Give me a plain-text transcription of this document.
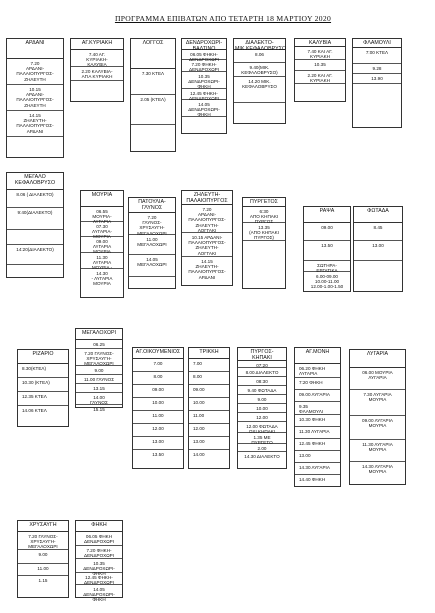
ΠΡΟΓΡΑΜΜΑ ΕΠΙΒΑΤΩΝ ΑΠΟ ΤΕΤΑΡΤΗ 18 ΜΑΡΤΙΟΥ 2020
ΑΡΔΑΝΙ
7.20
ΑΡΔΑΝΙ-
ΠΑΛΑΙΟΠΥΡΓΟΣ-
ΖΗΛΕΥΤΗ
10.15
ΑΡΔΑΝΙ-
ΠΑΛΑΙΟΠΥΡΓΟΣ-
ΖΗΛΕΥΤΗ
14.15
ΖΗΛΕΥΤΗ-
ΠΑΛΑΙΟΠΥΡΓΟΣ-
ΑΡΔΑΝΙ
ΑΓ.ΚΥΡΙΑΚΗ
7.40 ΑΓ.
ΚΥΡΙΑΚΗ-
ΚΑΛΥΒΙΑ
2.20 ΚΑΛΥΒΙΑ-
ΑΓΙΑ ΚΥΡΙΑΚΗ
ΛΟΓΓΟΣ
7.30 ΚΤΕΛ
2.05 (ΚΤΕΛ)
ΔΕΝΔΡΟΧΩΡΙ-
ΒΑΛΤΙΝΟ
06.05 ΦΗΚΗ-
ΔΕΝΔΡΟΧΩΡΙ
7.20 ΦΗΚΗ-
ΔΕΝΔΡΟΧΩΡΙ
10.35
ΔΕΝΔΡΟΧΩΡΙ-
ΦΗΚΗ
12.45 ΦΗΚΗ-
ΔΕΝΔΡΟΧΩΡΙ
14.05
ΔΕΝΔΡΟΧΩΡΙ-
ΦΗΚΗ
ΔΙΑΛΕΚΤΟ-
ΜΙΚ.ΚΕΦΑΛΟΒΡΥΣΟ
8.06
9.40(ΜΙΚ.
ΚΕΦΑΛΟΒΡΥΣΟ)
14.20 ΜΙΚ.
ΚΕΦΑΛΟΒΡΥΣΟ
ΚΑΛΥΒΙΑ
7.40 ΚΑΙ ΑΓ.
ΚΥΡΙΑΚΗ
10.35
2.20 ΚΑΙ ΑΓ.
ΚΥΡΙΑΚΗ
ΦΛΑΜΟΥΛΙ
7:00 ΚΤΕΛ
9.28
13.90
ΜΕΓΑΛΟ
ΚΕΦΑΛΟΒΡΥΣΟ
8.06 ( ΔΙΑΛΕΚΤΟ)
9:40(ΔΙΑΛΕΚΤΟ)
14:20(ΔΙΑΛΕΚΤΟ)
ΜΟΥΡΙΑ
06.55
ΜΟΥΡΙΑ-
ΛΥΓΑΡΙΑ
07.30
ΛΥΓΑΡΙΑ-
ΜΟΥΡΙΑ
09.00
ΛΥΓΑΡΙΑ
ΜΟΥΡΙΑ
11.30
ΛΥΓΑΡΙΑ
ΜΟΥΡΙΑ -
14.30
- ΛΥΓΑΡΙΑ
ΜΟΥΡΙΑ
ΠΑΤΟΥΛΙΑ-
ΓΛΥΝΟΣ
7.20
ΓΛΥΝΟΣ-
ΧΡΥΣΑΥΓΗ-
ΜΕΓΑΛΟΧΩΡΙ
11.00
ΜΕΓΑΛΟΧΩΡΙ
14.05
ΜΕΓΑΛΟΧΩΡΙ
ΖΗΛΕΥΤΗ-
ΠΑΛΑΙΟΠΥΡΓΟΣ
7.20
ΑΡΔΑΝΙ-
ΠΑΛΑΙΟΠΥΡΓΟΣ-
ΖΗΛΕΥΤΗ-
ΛΟΓΓΑΚΙ
10.15 ΑΡΔΑΝΙ-
ΠΑΛΑΙΟΠΥΡΓΟΣ-
ΖΗΛΕΥΤΗ-
ΛΟΓΓΑΚΙ
14.15
ΖΗΛΕΥΤΗ-
ΠΑΛΑΙΟΠΥΡΓΟΣ-
ΑΡΔΑΝΙ
ΠΥΡΓΕΤΟΣ
6:30
ΑΠΟ ΚΗΠΑΚΙ
ΠΥΡΓΟΣ
13.35
(ΑΠΟ ΚΗΠΑΚΙ
ΠΥΡΓΟΣ)
ΡΑΨΑ
09.00
13.50
ΣΩΤΗΡΑ-
ΕΡΓΑΤΙΚΑ
6.00-09.00
10.00-11.00
12.00-1.00-1.50
ΦΩΤΑΔΑ
8.45
13.00
ΜΕΓΑΛΟΧΩΡΙ
06.25
7.20 ΓΛΥΝΟΣ-
ΧΡΥΣΑΥΓΗ-
ΜΕΓΑΛΟΧΩΡΙ
9.00
11.00 ΓΛΥΝΟΣ
13.15
14.00
ΓΛΥΝΟΣ
15.15
ΡΙΖΑΡΙΟ
8.30(ΚΤΕΛ)
10.30 (ΚΤΕΛ)
12.35 ΚΤΕΛ
14.06 ΚΤΕΛ
ΑΓ.ΟΙΚΟΥΜΕΝΙΟΣ
7.00
8.00
09.00
10.00
11.00
12.00
13.00
13.50
ΤΡΙΚΚΗ
7.00
8.00
09.00
10.00
11.00
12.00
13.00
14.00
ΠΥΡΓΟΣ-
ΚΗΠΑΚΙ
07:20
8.00 ΔΙΑΛΕΚΤΟ
08:30
9.40 ΦΩΤΑΔΑ
9.00
10.00
12.00
12.00 ΦΩΤΑΔΑ
ΟΧΙ ΚΗΠΑΚΙ
1.35 ΜΕ
ΠΥΡΓΕΤΟ
2.00
14.30 ΔΙΑΛΕΚΤΟ
ΑΓ.ΜΟΝΗ
06.20 ΦΗΚΗ
ΛΥΓΑΡΙΑ
7:20 ΦΗΚΗ
09.00 ΛΥΓΑΡΙΑ
9.35
ΦΛΑΜΟΥΛΙ
10.30 ΦΗΚΗ
11.30 ΛΥΓΑΡΙΑ
12.45 ΦΗΚΗ
13.00
14.30 ΛΥΓΑΡΙΑ
14.40 ΦΗΚΗ
ΛΥΓΑΡΙΑ
06.00 ΜΟΥΡΙΑ
ΛΥΓΑΡΙΑ
7.30 ΛΥΓΑΡΙΑ
ΜΟΥΡΙΑ
09.00 ΛΥΓΑΡΙΑ
ΜΟΥΡΙΑ
11.30 ΛΥΓΑΡΙΑ
ΜΟΥΡΙΑ
14.30 ΛΥΓΑΡΙΑ
ΜΟΥΡΙΑ
ΧΡΥΣΑΥΓΗ
7.20 ΓΛΥΝΟΣ-
ΧΡΥΣΑΥΓΗ-
ΜΕΓΑΛΟΧΩΡΙ
9.00
11.00
1.15
ΦΗΚΗ
06.05 ΦΗΚΗ
ΔΕΝΔΡΟΧΩΡΙ
7.20 ΦΗΚΗ-
ΔΕΝΔΡΟΧΩΡΙ
10.35
ΔΕΝΔΡΟΧΩΡΙ-
ΦΗΚΗ
12.45 ΦΗΚΗ-
ΔΕΝΔΡΟΧΩΡΙ
14.05
ΔΕΝΔΡΟΧΩΡΙ-
ΦΗΚΗ
